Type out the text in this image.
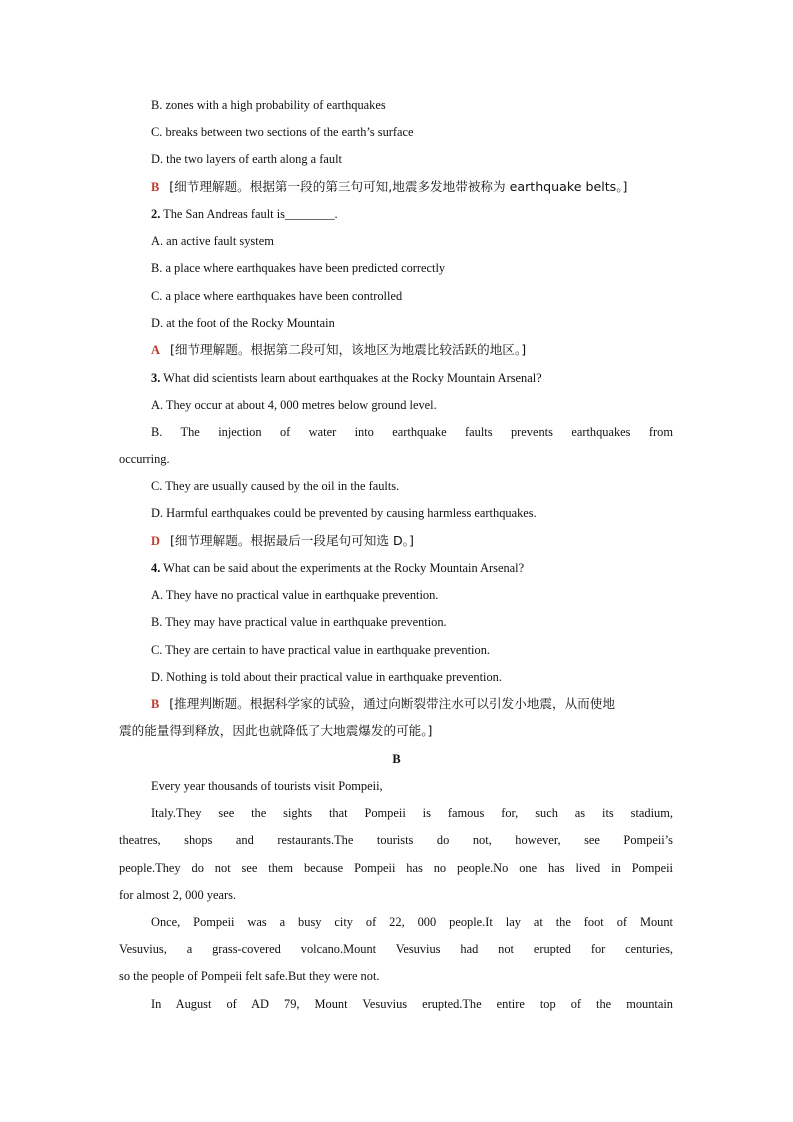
B. zones with a high probability of earthquakes
C. breaks between two sections of the earth’s surface
D. the two layers of earth along a fault
B [细节理解题。根据第一段的第三句可知,地震多发地带被称为 earthquake belts。]
2. The San Andreas fault is________.
A. an active fault system
B. a place where earthquakes have been predicted correctly
C. a place where earthquakes have been controlled
D. at the foot of the Rocky Mountain
A [细节理解题。根据第二段可知，该地区为地震比较活跃的地区。]
3. What did scientists learn about earthquakes at the Rocky Mountain Arsenal?
A. They occur at about 4, 000 metres below ground level.
B. The injection of water into earthquake faults prevents earthquakes from
occurring.
C. They are usually caused by the oil in the faults.
D. Harmful earthquakes could be prevented by causing harmless earthquakes.
D [细节理解题。根据最后一段尾句可知选 D。]
4. What can be said about the experiments at the Rocky Mountain Arsenal?
A. They have no practical value in earthquake prevention.
B. They may have practical value in earthquake prevention.
C. They are certain to have practical value in earthquake prevention.
D. Nothing is told about their practical value in earthquake prevention.
B [推理判断题。根据科学家的试验，通过向断裂带注水可以引发小地震，从而使地
震的能量得到释放，因此也就降低了大地震爆发的可能。]
B
Every year thousands of tourists visit Pompeii,
Italy.They see the sights that Pompeii is famous for, such as its stadium,
theatres, shops and restaurants.The tourists do not, however, see Pompeii’s
people.They do not see them because Pompeii has no people.No one has lived in Pompeii
for almost 2, 000 years.
Once, Pompeii was a busy city of 22, 000 people.It lay at the foot of Mount
Vesuvius, a grass-covered volcano.Mount Vesuvius had not erupted for centuries,
so the people of Pompeii felt safe.But they were not.
In August of AD 79, Mount Vesuvius erupted.The entire top of the mountain
